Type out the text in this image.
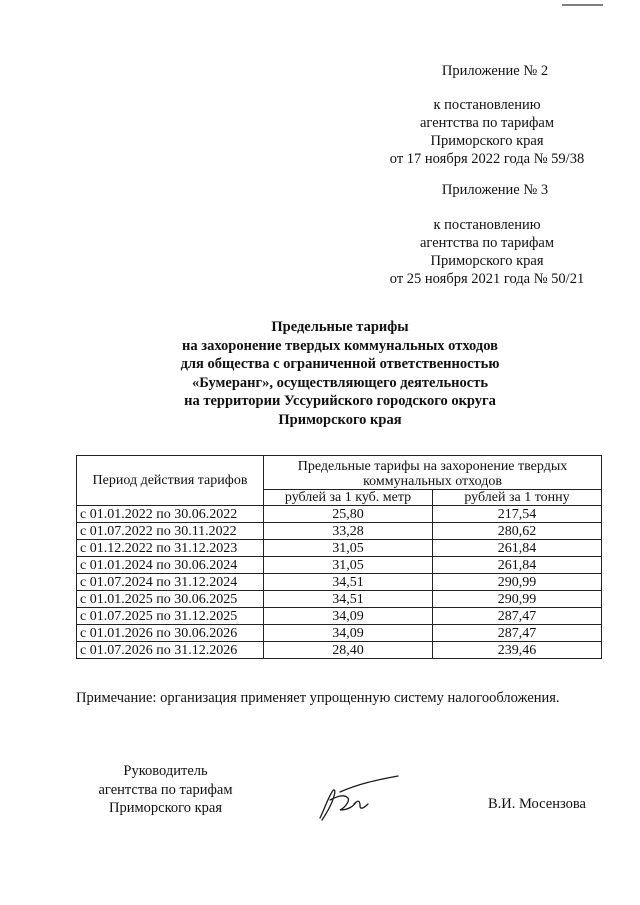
Приложение № 2
к постановлению
агентства по тарифам
Приморского края
от 17 ноября 2022 года № 59/38
Приложение № 3
к постановлению
агентства по тарифам
Приморского края
от 25 ноября 2021 года № 50/21
Предельные тарифы
на захоронение твердых коммунальных отходов
для общества с ограниченной ответственностью
«Бумеранг», осуществляющего деятельность
на территории Уссурийского городского округа
Приморского края
Период действия тарифов	Предельные тарифы на захоронение твердых коммунальных отходов	
	рублей за 1 куб. метр	рублей за 1 тонну
с 01.01.2022 по 30.06.2022	25,80	217,54
с 01.07.2022 по 30.11.2022	33,28	280,62
с 01.12.2022 по 31.12.2023	31,05	261,84
с 01.01.2024 по 30.06.2024	31,05	261,84
с 01.07.2024 по 31.12.2024	34,51	290,99
с 01.01.2025 по 30.06.2025	34,51	290,99
с 01.07.2025 по 31.12.2025	34,09	287,47
с 01.01.2026 по 30.06.2026	34,09	287,47
с 01.07.2026 по 31.12.2026	28,40	239,46
Примечание: организация применяет упрощенную систему налогообложения.
Руководитель
агентства по тарифам
Приморского края	В.И. Мосензова
